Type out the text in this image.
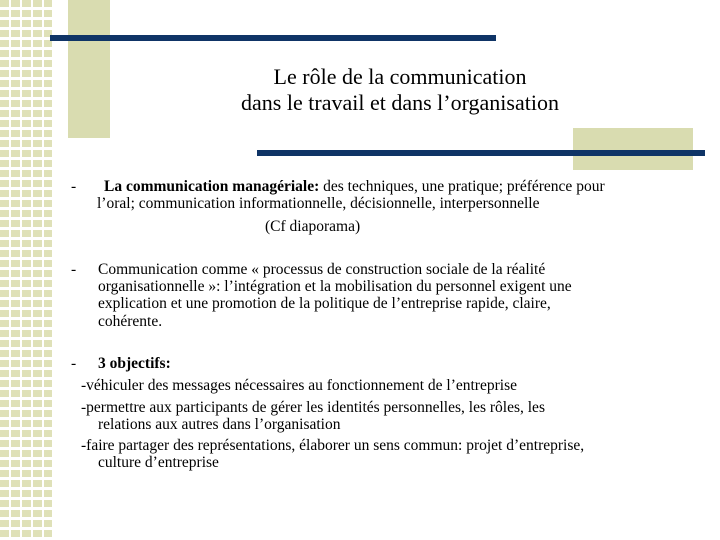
Le rôle de la communication
dans le travail et dans l’organisation
- La communication managériale: des techniques, une pratique; préférence pour
l’oral; communication informationnelle, décisionnelle, interpersonnelle
(Cf diaporama)
- Communication comme « processus de construction sociale de la réalité
organisationnelle »: l’intégration et la mobilisation du personnel exigent une
explication et une promotion de la politique de l’entreprise rapide, claire,
cohérente.
- 3 objectifs:
-véhiculer des messages nécessaires au fonctionnement de l’entreprise
-permettre aux participants de gérer les identités personnelles, les rôles, les
relations aux autres dans l’organisation
-faire partager des représentations, élaborer un sens commun: projet d’entreprise,
culture d’entreprise
